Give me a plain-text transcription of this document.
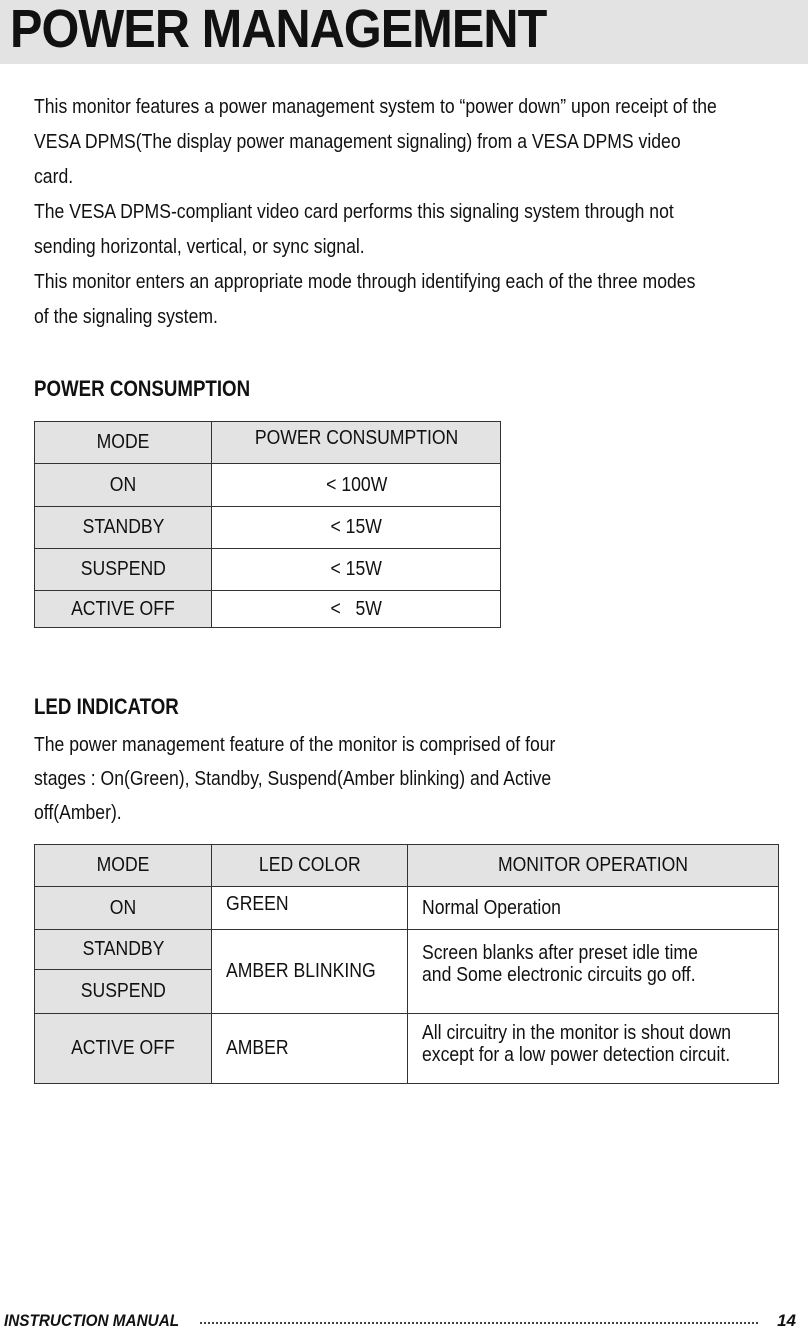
POWER MANAGEMENT

This monitor features a power management system to “power down” upon receipt of the

VESA DPMS(The display power management signaling) from a VESA DPMS video

card.

The VESA DPMS-compliant video card performs this signaling system through not

sending horizontal, vertical, or sync signal.

This monitor enters an appropriate mode through identifying each of the three modes

of the signaling system.

POWER CONSUMPTION
MODE	POWER CONSUMPTION
ON	< 100W
STANDBY	< 15W
SUSPEND	< 15W
ACTIVE OFF	<   5W
LED INDICATOR

The power management feature of the monitor is comprised of four

stages : On(Green), Standby, Suspend(Amber blinking) and Active

off(Amber).

MODE	LED COLOR	MONITOR OPERATION
ON	GREEN	Normal Operation
STANDBY	AMBER BLINKING	Screen blanks after preset idle time
and Some electronic circuits go off.
SUSPEND		
ACTIVE OFF	AMBER	All circuitry in the monitor is shout down
except for a low power detection circuit.
INSTRUCTION MANUAL	14
